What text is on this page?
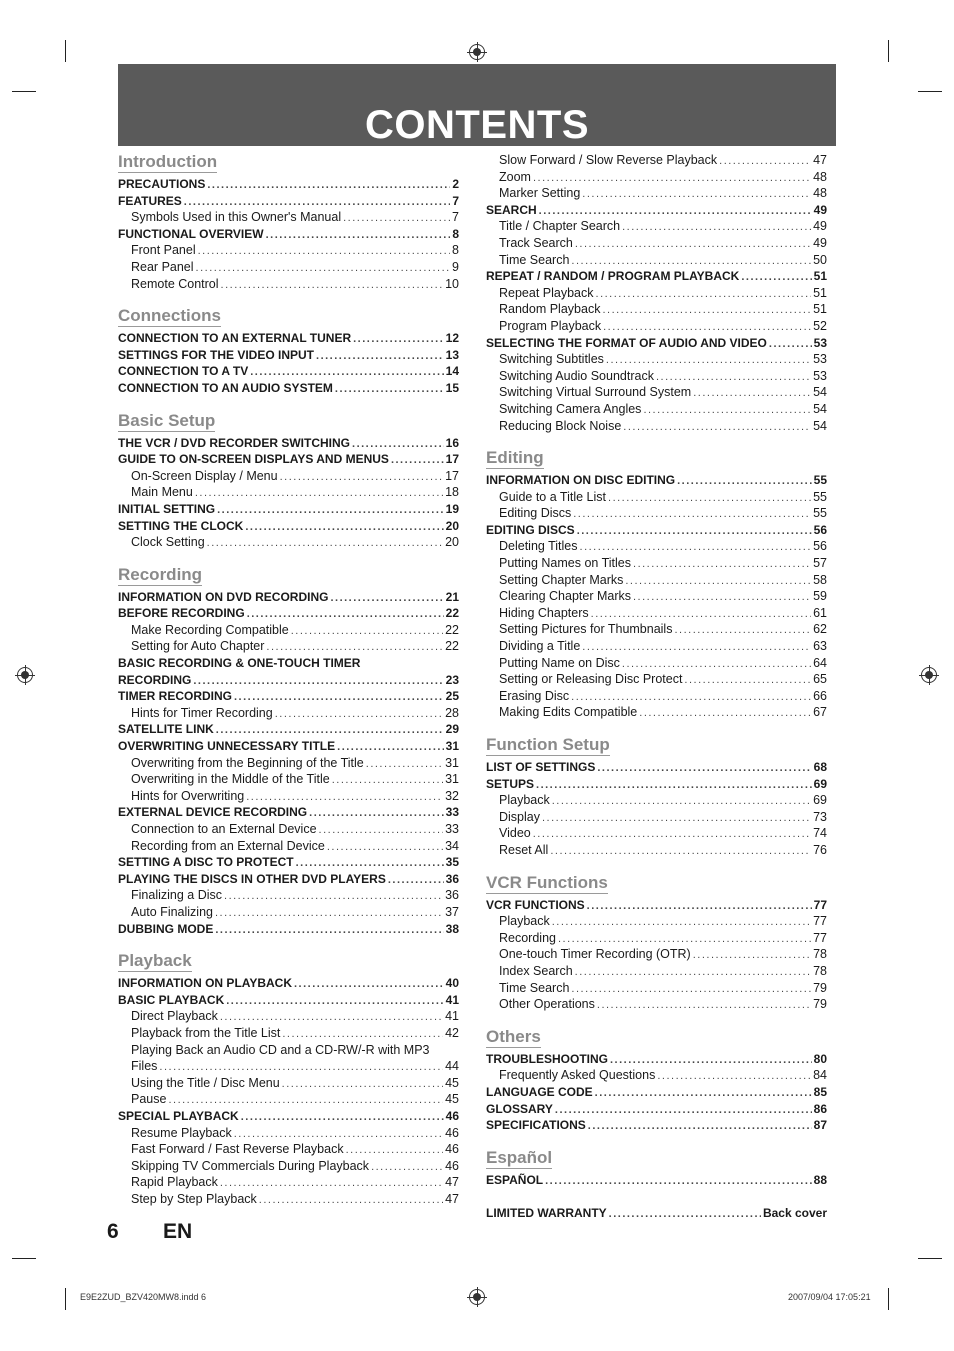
CONTENTS
Introduction
PRECAUTIONS .....	2
FEATURES .....	7
Symbols Used in this Owner's Manual .....	7
FUNCTIONAL OVERVIEW .....	8
Front Panel .....	8
Rear Panel .....	9
Remote Control .....	10
Connections
CONNECTION TO AN EXTERNAL TUNER .....	12
SETTINGS FOR THE VIDEO INPUT .....	13
CONNECTION TO A TV .....	14
CONNECTION TO AN AUDIO SYSTEM .....	15
Basic Setup
THE VCR / DVD RECORDER SWITCHING .....	16
GUIDE TO ON-SCREEN DISPLAYS AND MENUS .....	17
On-Screen Display / Menu .....	17
Main Menu .....	18
INITIAL SETTING .....	19
SETTING THE CLOCK .....	20
Clock Setting .....	20
Recording
INFORMATION ON DVD RECORDING .....	21
BEFORE RECORDING .....	22
Make Recording Compatible .....	22
Setting for Auto Chapter .....	22
BASIC RECORDING & ONE-TOUCH TIMER
RECORDING .....	23
TIMER RECORDING .....	25
Hints for Timer Recording .....	28
SATELLITE LINK .....	29
OVERWRITING UNNECESSARY TITLE .....	31
Overwriting from the Beginning of the Title .....	31
Overwriting in the Middle of the Title .....	31
Hints for Overwriting .....	32
EXTERNAL DEVICE RECORDING .....	33
Connection to an External Device .....	33
Recording from an External Device .....	34
SETTING A DISC TO PROTECT .....	35
PLAYING THE DISCS IN OTHER DVD PLAYERS .....	36
Finalizing a Disc .....	36
Auto Finalizing .....	37
DUBBING MODE .....	38
Playback
INFORMATION ON PLAYBACK .....	40
BASIC PLAYBACK .....	41
Direct Playback .....	41
Playback from the Title List .....	42
Playing Back an Audio CD and a CD-RW/-R with MP3
Files .....	44
Using the Title / Disc Menu .....	45
Pause .....	45
SPECIAL PLAYBACK .....	46
Resume Playback .....	46
Fast Forward / Fast Reverse Playback .....	46
Skipping TV Commercials During Playback .....	46
Rapid Playback .....	47
Step by Step Playback .....	47
Slow Forward / Slow Reverse Playback .....	47
Zoom .....	48
Marker Setting .....	48
SEARCH .....	49
Title / Chapter Search .....	49
Track Search .....	49
Time Search .....	50
REPEAT / RANDOM / PROGRAM PLAYBACK .....	51
Repeat Playback .....	51
Random Playback .....	51
Program Playback .....	52
SELECTING THE FORMAT OF AUDIO AND VIDEO .....	53
Switching Subtitles .....	53
Switching Audio Soundtrack .....	53
Switching Virtual Surround System .....	54
Switching Camera Angles .....	54
Reducing Block Noise .....	54
Editing
INFORMATION ON DISC EDITING .....	55
Guide to a Title List .....	55
Editing Discs .....	55
EDITING DISCS .....	56
Deleting Titles .....	56
Putting Names on Titles .....	57
Setting Chapter Marks .....	58
Clearing Chapter Marks .....	59
Hiding Chapters .....	61
Setting Pictures for Thumbnails .....	62
Dividing a Title .....	63
Putting Name on Disc .....	64
Setting or Releasing Disc Protect .....	65
Erasing Disc .....	66
Making Edits Compatible .....	67
Function Setup
LIST OF SETTINGS .....	68
SETUPS .....	69
Playback .....	69
Display .....	73
Video .....	74
Reset All .....	76
VCR Functions
VCR FUNCTIONS .....	77
Playback .....	77
Recording .....	77
One-touch Timer Recording (OTR) .....	78
Index Search .....	78
Time Search .....	79
Other Operations .....	79
Others
TROUBLESHOOTING .....	80
Frequently Asked Questions .....	84
LANGUAGE CODE .....	85
GLOSSARY .....	86
SPECIFICATIONS .....	87
Español
ESPAÑOL .....	88
LIMITED WARRANTY .....	Back cover
6 EN
E9E2ZUD_BZV420MW8.indd 6	2007/09/04 17:05:21
